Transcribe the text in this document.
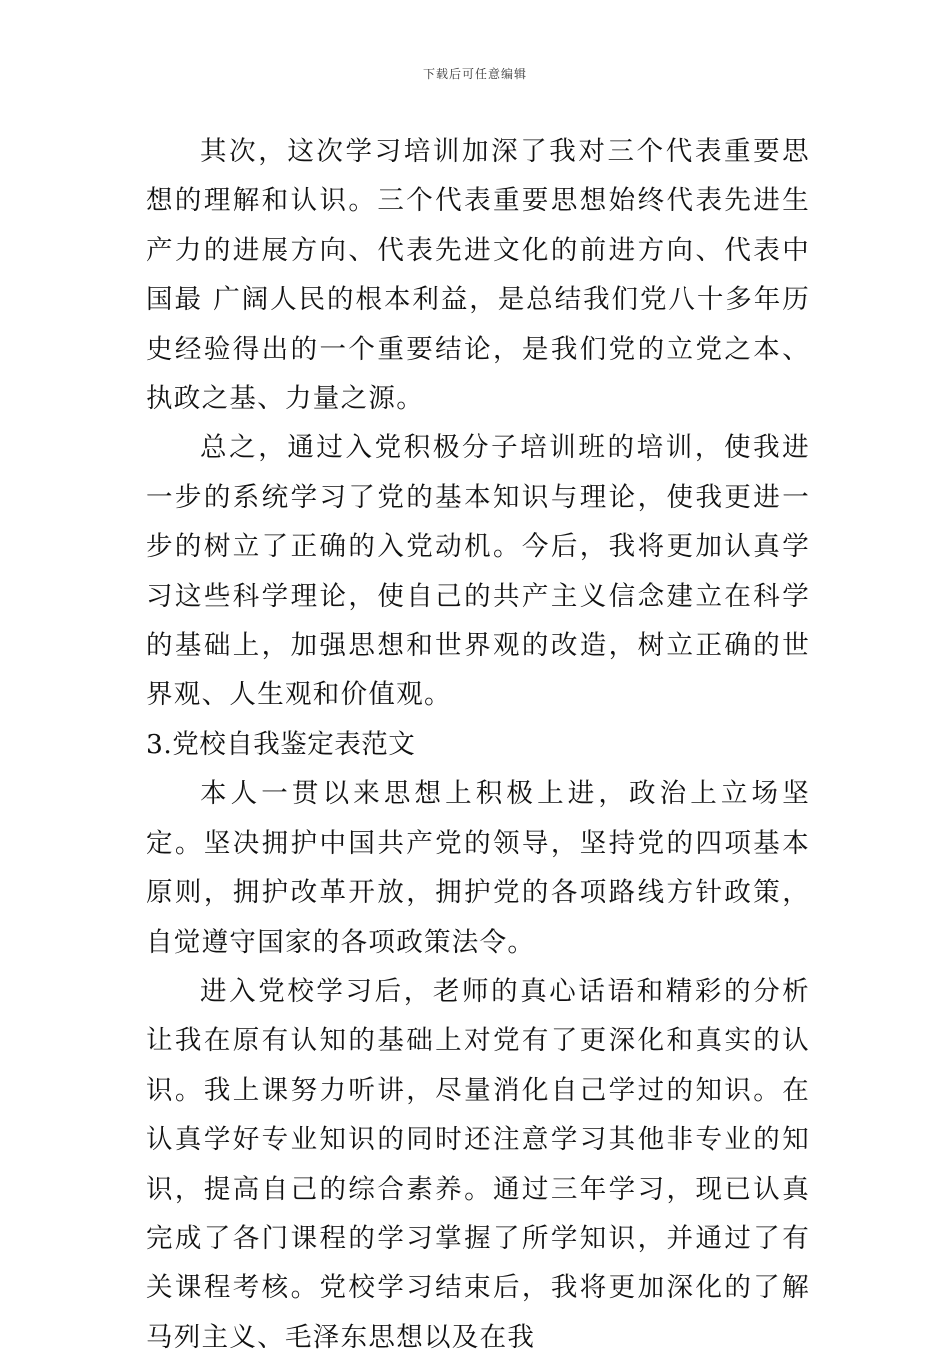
下载后可任意编辑

其次，这次学习培训加深了我对三个代表重要思想的理解和认识。三个代表重要思想始终代表先进生产力的进展方向、代表先进文化的前进方向、代表中国最 广阔人民的根本利益，是总结我们党八十多年历史经验得出的一个重要结论，是我们党的立党之本、执政之基、力量之源。

总之，通过入党积极分子培训班的培训，使我进一步的系统学习了党的基本知识与理论，使我更进一步的树立了正确的入党动机。今后，我将更加认真学习这些科学理论，使自己的共产主义信念建立在科学的基础上，加强思想和世界观的改造，树立正确的世界观、人生观和价值观。

3.党校自我鉴定表范文

本人一贯以来思想上积极上进，政治上立场坚定。坚决拥护中国共产党的领导，坚持党的四项基本原则，拥护改革开放，拥护党的各项路线方针政策，自觉遵守国家的各项政策法令。

进入党校学习后，老师的真心话语和精彩的分析让我在原有认知的基础上对党有了更深化和真实的认识。我上课努力听讲，尽量消化自己学过的知识。在认真学好专业知识的同时还注意学习其他非专业的知识，提高自己的综合素养。通过三年学习，现已认真完成了各门课程的学习掌握了所学知识，并通过了有关课程考核。党校学习结束后，我将更加深化的了解马列主义、毛泽东思想以及在我
